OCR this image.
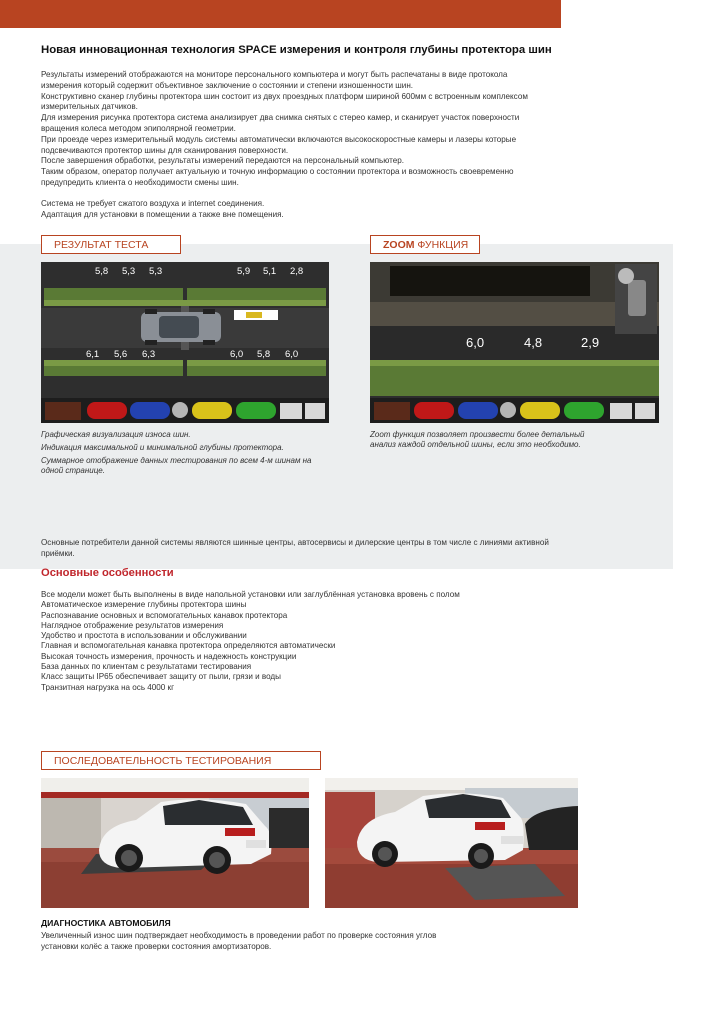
Новая инновационная технология SPACE измерения и контроля глубины протектора шин

Результаты измерений отображаются на мониторе персонального компьютера и могут быть распечатаны в виде протокола

измерения который содержит объективное заключение о состоянии и степени изношенности шин.

Конструктивно сканер глубины протектора шин состоит из двух проездных платформ шириной 600мм с встроенным комплексом

измерительных датчиков.

Для измерения рисунка протектора система анализирует два снимка снятых с стерео камер, и сканирует участок поверхности

вращения колеса методом эпиполярной геометрии.

При проезде через измерительный модуль системы автоматически включаются высокоскоростные камеры и лазеры которые

подсвечиваются протектор шины для сканирования поверхности.

После завершения обработки, результаты измерений передаются на персональный компьютер.

Таким образом, оператор получает актуальную и точную информацию о состоянии протектора и возможность своевременно

предупредить клиента о необходимости смены шин.

Система не требует сжатого воздуха и internet соединения.

Адаптация для установки в помещении а также вне помещения.

РЕЗУЛЬТАТ ТЕСТА	ZOOM ФУНКЦИЯ
5,8 5,3 5,3	5,9 5,1 2,8
6,1 5,6 6,3	6,0 5,8 6,0
6,0	4,8	2,9

Графическая визуализация износа шин.

Индикация максимальной и минимальной глубины протектора.

Суммарное отображение данных тестирования по всем 4-м шинам на одной странице.

Zoom функция позволяет произвести более детальный анализ каждой отдельной шины, если это необходимо.

Основные потребители данной системы являются шинные центры, автосервисы и дилерские центры в том числе с линиями активной приёмки.
Основные особенности
Все модели может быть выполнены в виде напольной установки или заглублённая установка вровень с полом
Автоматическое измерение глубины протектора шины
Распознавание основных и вспомогательных канавок протектора
Наглядное отображение результатов измерения
Удобство и простота в использовании и обслуживании
Главная и вспомогательная канавка протектора определяются автоматически
Высокая точность измерения, прочность и надежность конструкции
База данных по клиентам с результатами тестирования
Класс защиты IP65 обеспечивает защиту от пыли, грязи и воды
Транзитная нагрузка на ось 4000 кг
ПОСЛЕДОВАТЕЛЬНОСТЬ ТЕСТИРОВАНИЯ
ДИАГНОСТИКА АВТОМОБИЛЯ
Увеличенный износ шин подтверждает необходимость в проведении работ по проверке состояния углов установки колёс а также проверки состояния амортизаторов.
